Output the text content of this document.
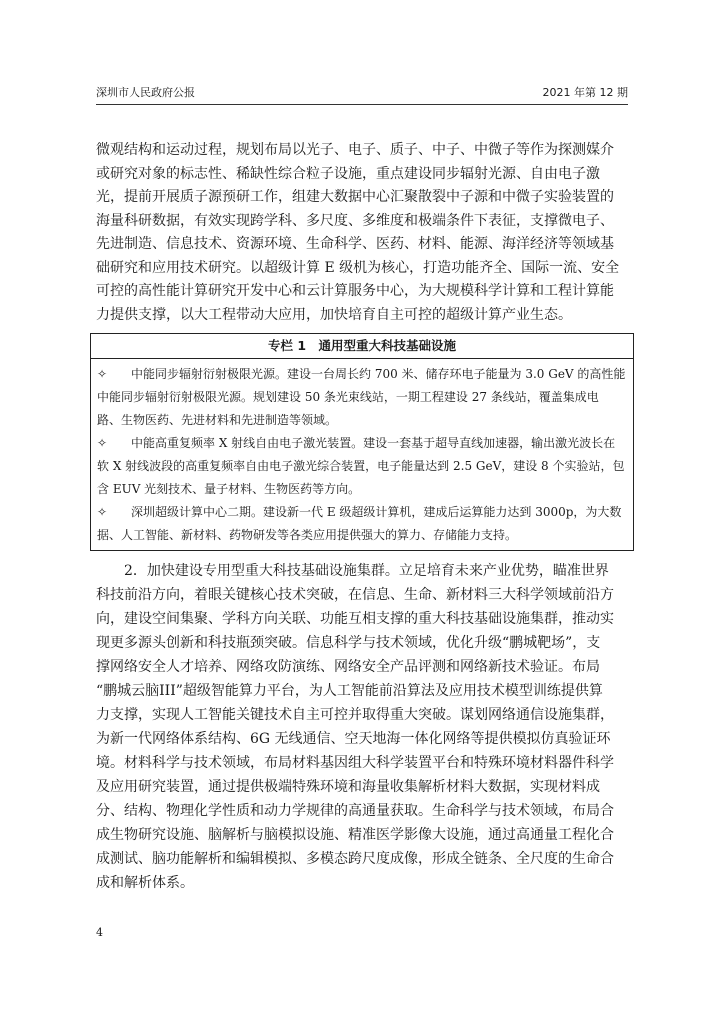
深圳市人民政府公报	2021 年第 12 期

微观结构和运动过程，规划布局以光子、电子、质子、中子、中微子等作为探测媒介
或研究对象的标志性、稀缺性综合粒子设施，重点建设同步辐射光源、自由电子激
光，提前开展质子源预研工作，组建大数据中心汇聚散裂中子源和中微子实验装置的
海量科研数据，有效实现跨学科、多尺度、多维度和极端条件下表征，支撑微电子、
先进制造、信息技术、资源环境、生命科学、医药、材料、能源、海洋经济等领域基
础研究和应用技术研究。以超级计算 E 级机为核心，打造功能齐全、国际一流、安全
可控的高性能计算研究开发中心和云计算服务中心，为大规模科学计算和工程计算能
力提供支撑，以大工程带动大应用，加快培育自主可控的超级计算产业生态。

专栏 1　通用型重大科技基础设施

✧ 中能同步辐射衍射极限光源。建设一台周长约 700 米、储存环电子能量为 3.0 GeV 的高性能
中能同步辐射衍射极限光源。规划建设 50 条光束线站，一期工程建设 27 条线站，覆盖集成电
路、生物医药、先进材料和先进制造等领域。

✧ 中能高重复频率 X 射线自由电子激光装置。建设一套基于超导直线加速器，输出激光波长在
软 X 射线波段的高重复频率自由电子激光综合装置，电子能量达到 2.5 GeV，建设 8 个实验站，包
含 EUV 光刻技术、量子材料、生物医药等方向。

✧ 深圳超级计算中心二期。建设新一代 E 级超级计算机，建成后运算能力达到 3000p，为大数
据、人工智能、新材料、药物研发等各类应用提供强大的算力、存储能力支持。

　　2．加快建设专用型重大科技基础设施集群。立足培育未来产业优势，瞄准世界
科技前沿方向，着眼关键核心技术突破，在信息、生命、新材料三大科学领域前沿方
向，建设空间集聚、学科方向关联、功能互相支撑的重大科技基础设施集群，推动实
现更多源头创新和科技瓶颈突破。信息科学与技术领域，优化升级“鹏城靶场”，支
撑网络安全人才培养、网络攻防演练、网络安全产品评测和网络新技术验证。布局
“鹏城云脑III”超级智能算力平台，为人工智能前沿算法及应用技术模型训练提供算
力支撑，实现人工智能关键技术自主可控并取得重大突破。谋划网络通信设施集群，
为新一代网络体系结构、6G 无线通信、空天地海一体化网络等提供模拟仿真验证环
境。材料科学与技术领域，布局材料基因组大科学装置平台和特殊环境材料器件科学
及应用研究装置，通过提供极端特殊环境和海量收集解析材料大数据，实现材料成
分、结构、物理化学性质和动力学规律的高通量获取。生命科学与技术领域，布局合
成生物研究设施、脑解析与脑模拟设施、精准医学影像大设施，通过高通量工程化合
成测试、脑功能解析和编辑模拟、多模态跨尺度成像，形成全链条、全尺度的生命合
成和解析体系。

4
